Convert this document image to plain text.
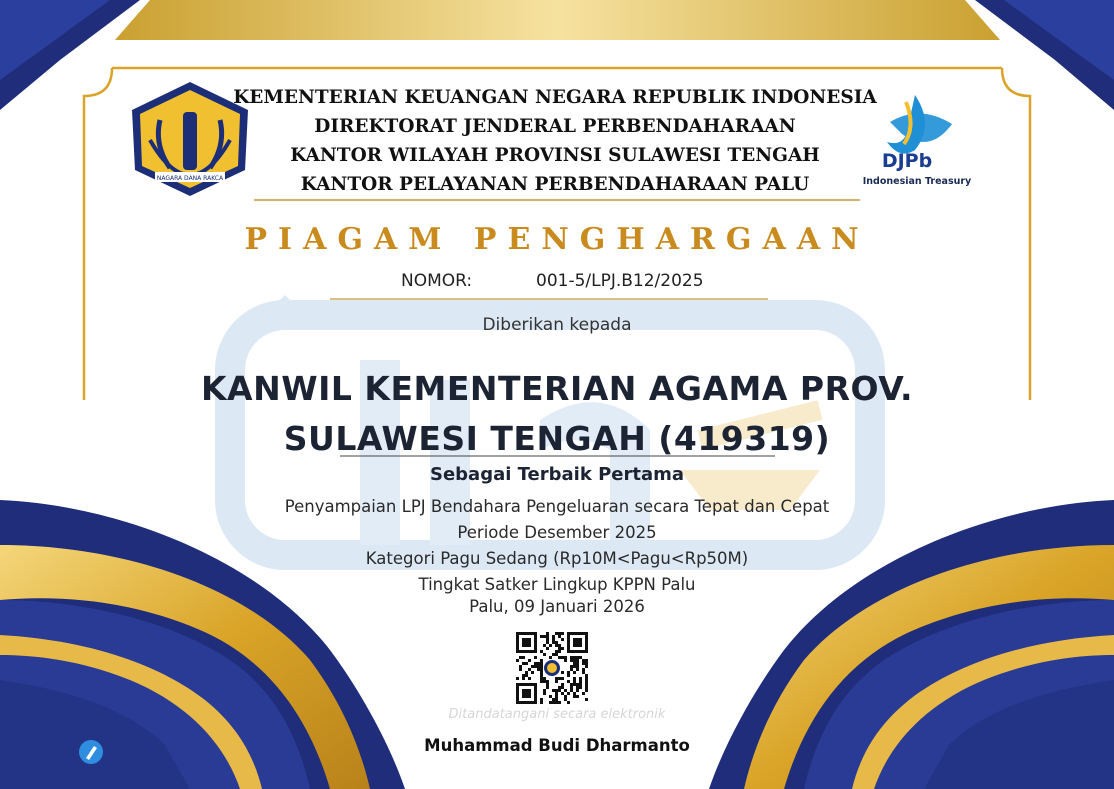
NAGARA DANA RAKCA
KEMENTERIAN KEUANGAN NEGARA REPUBLIK INDONESIA
DIREKTORAT JENDERAL PERBENDAHARAAN
KANTOR WILAYAH PROVINSI SULAWESI TENGAH
KANTOR PELAYANAN PERBENDAHARAAN PALU
DJPb
Indonesian Treasury
PIAGAM PENGHARGAAN
NOMOR:	001-5/LPJ.B12/2025
Diberikan kepada
KANWIL KEMENTERIAN AGAMA PROV.
SULAWESI TENGAH (419319)
Sebagai Terbaik Pertama
Penyampaian LPJ Bendahara Pengeluaran secara Tepat dan Cepat
Periode Desember 2025
Kategori Pagu Sedang (Rp10M<Pagu<Rp50M)
Tingkat Satker Lingkup KPPN Palu
Palu, 09 Januari 2026
Ditandatangani secara elektronik
Muhammad Budi Dharmanto
